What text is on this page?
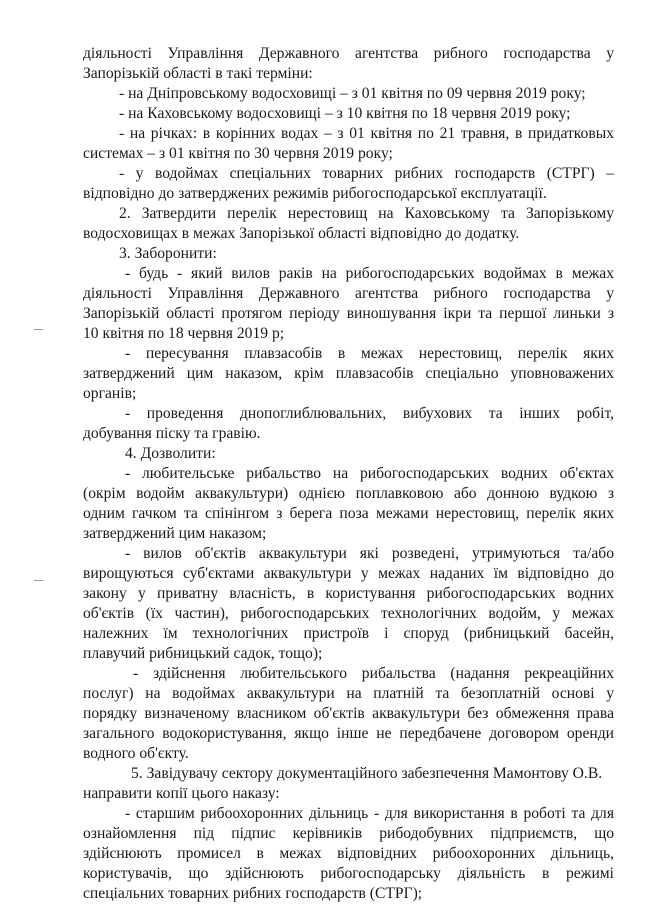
діяльності Управління Державного агентства рибного господарства у
Запорізькій області в такі терміни:
- на Дніпровському водосховищі – з 01 квітня по 09 червня 2019 року;
- на Каховському водосховищі – з 10 квітня по 18 червня 2019 року;
- на річках: в корінних водах – з 01 квітня по 21 травня, в придатковых
системах – з 01 квітня по 30 червня 2019 року;
- у водоймах спеціальних товарних рибних господарств (СТРГ) –
відповідно до затверджених режимів рибогосподарської експлуатації.
2. Затвердити перелік нерестовищ на Каховському та Запорізькому
водосховищах в межах Запорізької області відповідно до додатку.
3. Заборонити:
- будь - який вилов раків на рибогосподарських водоймах в межах
діяльності Управління Державного агентства рибного господарства у
Запорізькій області протягом періоду виношування ікри та першої линьки з
10 квітня по 18 червня 2019 р;
- пересування плавзасобів в межах нерестовищ, перелік яких
затверджений цим наказом, крім плавзасобів спеціально уповноважених
органів;
- проведення днопоглиблювальних, вибухових та інших робіт,
добування піску та гравію.
4. Дозволити:
- любительське рибальство на рибогосподарських водних об'єктах
(окрім водойм аквакультури) однією поплавковою або донною вудкою з
одним гачком та спінінгом з берега поза межами нерестовищ, перелік яких
затверджений цим наказом;
- вилов об'єктів аквакультури які розведені, утримуються та/або
вирощуються суб'єктами аквакультури у межах наданих їм відповідно до
закону у приватну власність, в користування рибогосподарських водних
об'єктів (їх частин), рибогосподарських технологічних водойм, у межах
належних їм технологічних пристроїв і споруд (рибницький басейн,
плавучий рибницький садок, тощо);
- здійснення любительського рибальства (надання рекреаційних
послуг) на водоймах аквакультури на платній та безоплатній основі у
порядку визначеному власником об'єктів аквакультури без обмеження права
загального водокористування, якщо інше не передбачене договором оренди
водного об'єкту.
5. Завідувачу сектору документаційного забезпечення Мамонтову О.В.
направити копії цього наказу:
- старшим рибоохоронних дільниць - для використання в роботі та для
ознайомлення під підпис керівників рибодобувних підприємств, що
здійснюють промисел в межах відповідних рибоохоронних дільниць,
користувачів, що здійснюють рибогосподарську діяльність в режимі
спеціальних товарних рибних господарств (СТРГ);
